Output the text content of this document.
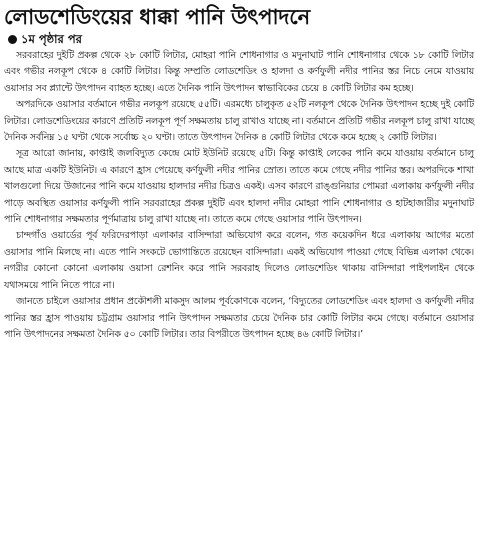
লোডশেডিংয়ের ধাক্কা পানি উৎপাদনে
১ম পৃষ্ঠার পর

সরবরাহের দুইটি প্রকল্প থেকে ২৮ কোটি লিটার, মোহরা পানি শোধনাগার ও মদুনাঘাট পানি শোধনাগার থেকে ১৮ কোটি লিটার এবং গভীর নলকূপ থেকে ৪ কোটি লিটার। কিন্তু সম্প্রতি লোডশেডিং ও হালদা ও কর্ণফুলী নদীর পানির স্তর নিচে নেমে যাওয়ায় ওয়াসার সব প্ল্যান্টে উৎপাদন ব্যাহত হচ্ছে। এতে দৈনিক পানি উৎপাদন স্বাভাবিকের চেয়ে ৪ কোটি লিটার কম হচ্ছে।

অপরদিকে ওয়াসার বর্তমানে গভীর নলকূপ রয়েছে ৫৫টি। এরমধ্যে চালুকৃত ৫২টি নলকূপ থেকে দৈনিক উৎপাদন হচ্ছে দুই কোটি লিটার। লোডশেডিংয়ের কারণে প্রতিটি নলকূপ পূর্ণ সক্ষমতায় চালু রাখাও যাচ্ছে না। বর্তমানে প্রতিটি গভীর নলকূপ চালু রাখা যাচ্ছে দৈনিক সর্বনিম্ন ১৫ ঘণ্টা থেকে সর্বোচ্চ ২০ ঘণ্টা। তাতে উৎপাদন দৈনিক ৪ কোটি লিটার থেকে কমে হচ্ছে ২ কোটি লিটার।

সূত্র আরো জানায়, কাপ্তাই জলবিদ্যুত কেন্দ্রে মোট ইউনিট রয়েছে ৫টি। কিন্তু কাপ্তাই লেকের পানি কমে যাওয়ায় বর্তমানে চালু আছে মাত্র একটি ইউনিট। এ কারণে হ্রাস পেয়েছে কর্ণফুলী নদীর পানির স্রোত। তাতে কমে গেছে নদীর পানির স্তর। অপরদিকে শাখা খালগুলো দিয়ে উজানের পানি কমে যাওয়ায় হালদার নদীর চিত্রও একই। এসব কারণে রাঙ্গুনিয়ার পোমরা এলাকায় কর্ণফুলী নদীর পাড়ে অবস্থিত ওয়াসার কর্ণফুলী পানি সরবরাহের প্রকল্প দুইটি এবং হালদা নদীর মোহরা পানি শোধনাগার ও হাটহাজারীর মদুনাঘাট পানি শোধনাগার সক্ষমতার পূর্ণমাত্রায় চালু রাখা যাচ্ছে না। তাতে কমে গেছে ওয়াসার পানি উৎপাদন।

চান্দগাঁও ওয়ার্ডের পূর্ব ফরিদেরপাড়া এলাকার বাসিন্দারা অভিযোগ করে বলেন, গত কয়েকদিন ধরে এলাকায় আগের মতো ওয়াসার পানি মিলছে না। এতে পানি সংকটে ভোগান্তিতে রয়েছেন বাসিন্দারা। একই অভিযোগ পাওয়া গেছে বিভিন্ন এলাকা থেকে। নগরীর কোনো কোনো এলাকায় ওয়াসা রেশনিং করে পানি সরবরাহ দিলেও লোডশেডিং থাকায় বাসিন্দারা পাইপলাইন থেকে যথাসময়ে পানি নিতে পারে না।

জানতে চাইলে ওয়াসার প্রধান প্রকৌশলী মাকসুদ আলম পূর্বকোণকে বলেন, ‘বিদ্যুতের লোডশেডিং এবং হালদা ও কর্ণফুলী নদীর পানির স্তর হ্রাস পাওয়ায় চট্টগ্রাম ওয়াসার পানি উৎপাদন সক্ষমতার চেয়ে দৈনিক চার কোটি লিটার কমে গেছে। বর্তমানে ওয়াসার পানি উৎপাদনের সক্ষমতা দৈনিক ৫০ কোটি লিটার। তার বিপরীতে উৎপাদন হচ্ছে ৪৬ কোটি লিটার।’
